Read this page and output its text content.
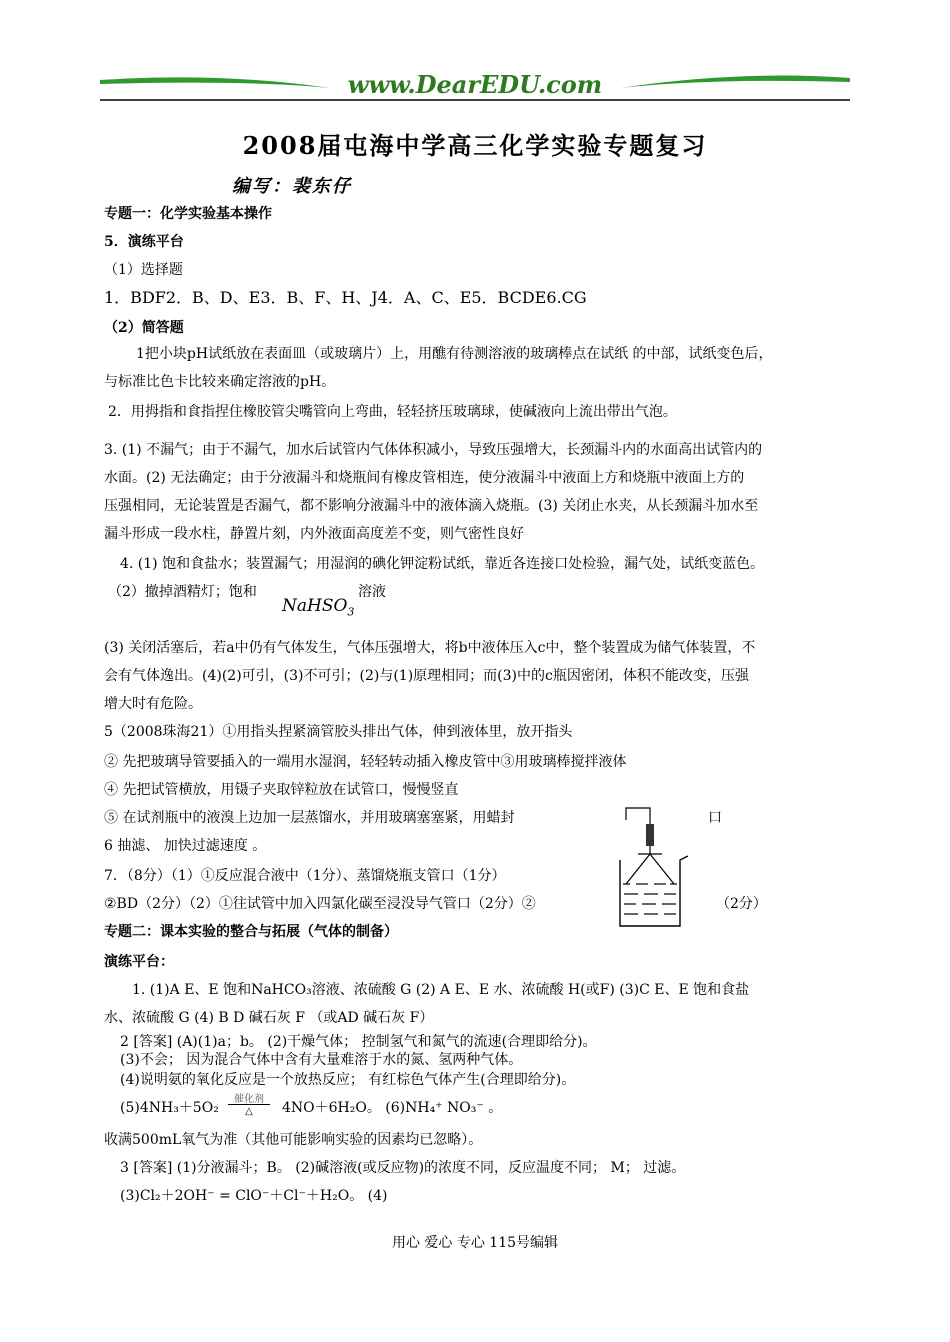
www.DearEDU.com
2008届屯海中学高三化学实验专题复习
编写：裴东仔
专题一：化学实验基本操作
5．演练平台
（1）选择题
1．BDF2．B、D、E3．B、F、H、J4．A、C、E5．BCDE6.CG
（2）简答题
1把小块pH试纸放在表面皿（或玻璃片）上，用醮有待测溶液的玻璃棒点在试纸 的中部，试纸变色后，
与标准比色卡比较来确定溶液的pH。
2．用拇指和食指捏住橡胶管尖嘴管向上弯曲，轻轻挤压玻璃球，使碱液向上流出带出气泡。
3. (1) 不漏气；由于不漏气，加水后试管内气体体积减小，导致压强增大，长颈漏斗内的水面高出试管内的
水面。(2) 无法确定；由于分液漏斗和烧瓶间有橡皮管相连，使分液漏斗中液面上方和烧瓶中液面上方的
压强相同，无论装置是否漏气，都不影响分液漏斗中的液体滴入烧瓶。(3) 关闭止水夹，从长颈漏斗加水至
漏斗形成一段水柱，静置片刻，内外液面高度差不变，则气密性良好
4. (1) 饱和食盐水；装置漏气；用湿润的碘化钾淀粉试纸，靠近各连接口处检验，漏气处，试纸变蓝色。
（2）撤掉酒精灯；饱和
NaHSO$_3$
溶液
(3) 关闭活塞后，若a中仍有气体发生，气体压强增大，将b中液体压入c中，整个装置成为储气体装置，不
会有气体逸出。(4)(2)可引，(3)不可引；(2)与(1)原理相同；而(3)中的c瓶因密闭，体积不能改变，压强
增大时有危险。
5（2008珠海21）①用指头捏紧滴管胶头排出气体，伸到液体里，放开指头
② 先把玻璃导管要插入的一端用水湿润，轻轻转动插入橡皮管中③用玻璃棒搅拌液体
④ 先把试管横放，用镊子夹取锌粒放在试管口，慢慢竖直
⑤ 在试剂瓶中的液溴上边加一层蒸馏水，并用玻璃塞塞紧，用蜡封	口
6 抽滤、 加快过滤速度 。
7．（8分）（1）①反应混合液中（1分）、蒸馏烧瓶支管口（1分）
②BD（2分）（2）①往试管中加入四氯化碳至浸没导气管口（2分）②	（2分）
专题二：课本实验的整合与拓展（气体的制备）
演练平台：
1. (1)A E、E 饱和NaHCO₃溶液、浓硫酸 G (2) A E、E 水、浓硫酸 H(或F) (3)C E、E 饱和食盐
水、浓硫酸 G (4) B D 碱石灰 F （或AD 碱石灰 F）
2 [答案] (A)(1)a；b。 (2)干燥气体； 控制氢气和氮气的流速(合理即给分)。
(3)不会； 因为混合气体中含有大量难溶于水的氮、氢两种气体。
(4)说明氨的氧化反应是一个放热反应； 有红棕色气体产生(合理即给分)。
(5)4NH₃＋5O₂
催化剂
△	4NO＋6H₂O。 (6)NH₄⁺ NO₃⁻ 。
收满500mL氧气为准（其他可能影响实验的因素均已忽略）。
3 [答案] (1)分液漏斗；B。 (2)碱溶液(或反应物)的浓度不同，反应温度不同； M； 过滤。
(3)Cl₂＋2OH⁻ = ClO⁻＋Cl⁻＋H₂O。 (4)
用心 爱心 专心 115号编辑
